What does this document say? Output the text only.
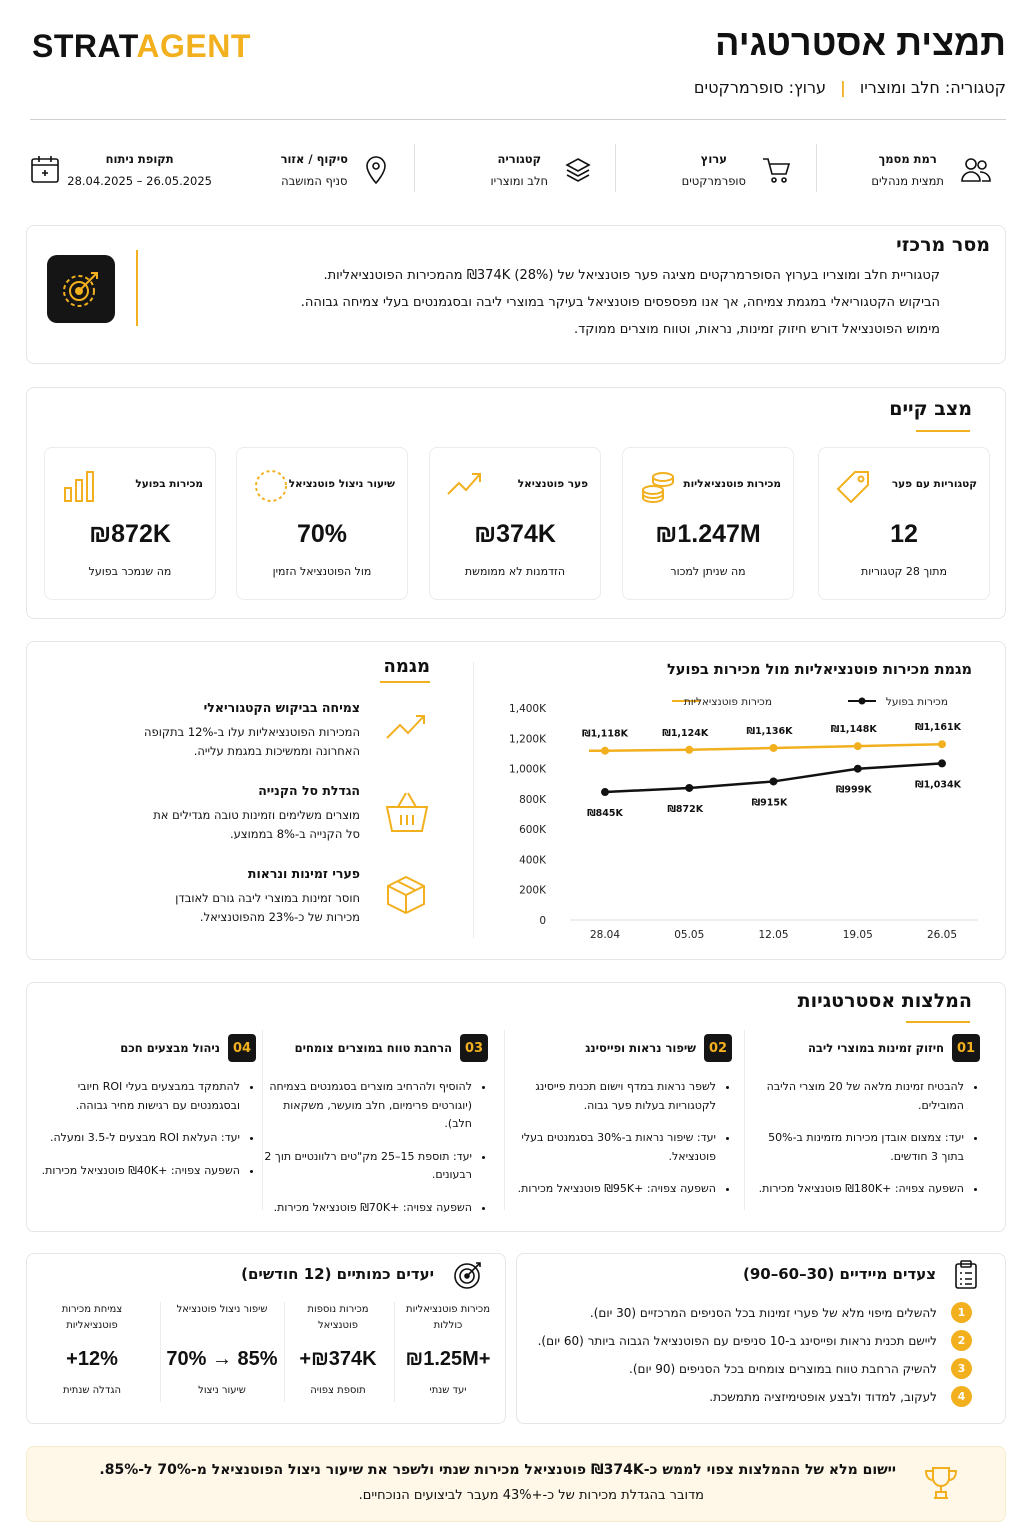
STRATAGENT	תמצית אסטרטגיה
קטגוריה: חלב ומוצריו
|
ערוץ: סופרמרקטים
רמת מסמך
תמצית מנהלים
ערוץ
סופרמרקטים
קטגוריה
חלב ומוצריו
סיקוף / אזור
סניף המושבה
תקופת ניתוח
28.04.2025 – 26.05.2025
מסר מרכזי
קטגוריית חלב ומוצריו בערוץ הסופרמרקטים מציגה פער פוטנציאל של ₪374K (28%) מהמכירות הפוטנציאליות.
הביקוש הקטגוריאלי במגמת צמיחה, אך אנו מפספסים פוטנציאל בעיקר במוצרי ליבה ובסגמנטים בעלי צמיחה גבוהה.
מימוש הפוטנציאל דורש חיזוק זמינות, נראות, וטווח מוצרים ממוקד.
מצב קיים
קטגוריות עם פער
12
מתוך 28 קטגוריות
מכירות פוטנציאליות
₪1.247M
מה שניתן למכור
פער פוטנציאל
₪374K
הזדמנות לא ממומשת
שיעור ניצול פוטנציאל
70%
מול הפוטנציאל הזמין
מכירות בפועל
₪872K
מה שנמכר בפועל
מגמת מכירות פוטנציאליות מול מכירות בפועל
0
200K
400K
600K
800K
1,000K
1,200K
1,400K
28.04	05.05	12.05	19.05	26.05
מכירות בפועל
מכירות פוטנציאליות
₪1,118K	₪1,124K	₪1,136K	₪1,148K	₪1,161K
₪845K	₪872K
₪915K
₪999K	₪1,034K
מגמה
צמיחה בביקוש הקטגוריאלי
המכירות הפוטנציאליות עלו ב-12% בתקופה האחרונה וממשיכות במגמת עלייה.
הגדלת סל הקנייה
מוצרים משלימים וזמינות טובה מגדילים את סל הקנייה ב-8% בממוצע.
פערי זמינות ונראות
חוסר זמינות במוצרי ליבה גורם לאובדן מכירות של כ-23% מהפוטנציאל.
המלצות אסטרטגיות
01
חיזוק זמינות במוצרי ליבה
• להבטיח זמינות מלאה של 20 מוצרי הליבה המובילים.
• יעד: צמצום אובדן מכירות מזמינות ב-50% בתוך 3 חודשים.
• השפעה צפויה: +₪180K פוטנציאל מכירות.
02
שיפור נראות ופייסינג
• לשפר נראות במדף וישום תכנית פייסינג לקטגוריות בעלות פער גבוה.
• יעד: שיפור נראות ב-30% בסגמנטים בעלי פוטנציאל.
• השפעה צפויה: +₪95K פוטנציאל מכירות.
03
הרחבת טווח במוצרים צומחים
• להוסיף ולהרחיב מוצרים בסגמנטים בצמיחה (יוגורטים פרימיום, חלב מועשר, משקאות חלב).
• יעד: תוספת 15–25 מק"טים רלוונטיים תוך 2 רבעונים.
• השפעה צפויה: +₪70K פוטנציאל מכירות.
04
ניהול מבצעים חכם
• להתמקד במבצעים בעלי ROI חיובי ובסגמנטים עם רגישות מחיר גבוהה.
• יעד: העלאת ROI מבצעים ל-3.5 ומעלה.
• השפעה צפויה: +₪40K פוטנציאל מכירות.
צעדים מיידיים (30–60–90)
1
להשלים מיפוי מלא של פערי זמינות בכל הסניפים המרכזיים (30 יום).
2
ליישם תכנית נראות ופייסינג ב-10 סניפים עם הפוטנציאל הגבוה ביותר (60 יום).
3
להשיק הרחבת טווח במוצרים צומחים בכל הסניפים (90 יום).
4
לעקוב, למדוד ולבצע אופטימיזציה מתמשכת.
יעדים כמותיים (12 חודשים)
מכירות פוטנציאליות כוללות
₪1.25M+
יעד שנתי
מכירות נוספות פוטנציאל
+₪374K
תוספת צפויה
שיפור ניצול פוטנציאל
70% → 85%
שיעור ניצול
צמיחת מכירות פוטנציאליות
+12%
הגדלה שנתית
יישום מלא של ההמלצות צפוי לממש כ-₪374K פוטנציאל מכירות שנתי ולשפר את שיעור ניצול הפוטנציאל מ-70% ל-85%.
מדובר בהגדלת מכירות של כ-+43% מעבר לביצועים הנוכחיים.
